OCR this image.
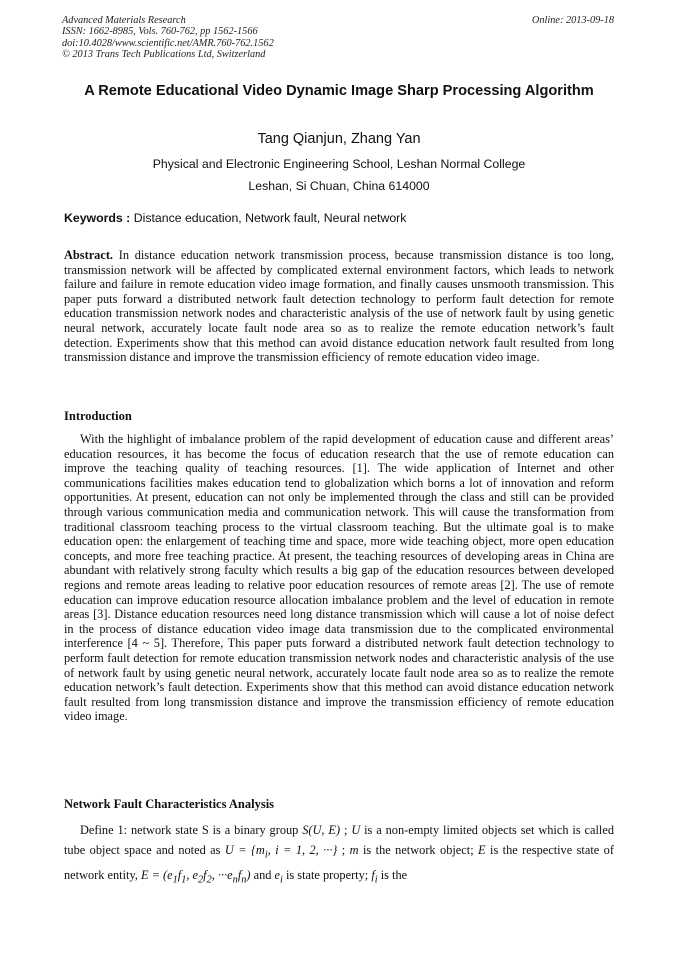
Advanced Materials Research
ISSN: 1662-8985, Vols. 760-762, pp 1562-1566
doi:10.4028/www.scientific.net/AMR.760-762.1562
© 2013 Trans Tech Publications Ltd, Switzerland
Online: 2013-09-18
A Remote Educational Video Dynamic Image Sharp Processing Algorithm
Tang Qianjun, Zhang Yan
Physical and Electronic Engineering School, Leshan Normal College
Leshan, Si Chuan, China 614000
Keywords : Distance education, Network fault, Neural network
Abstract. In distance education network transmission process, because transmission distance is too long, transmission network will be affected by complicated external environment factors, which leads to network failure and failure in remote education video image formation, and finally causes unsmooth transmission. This paper puts forward a distributed network fault detection technology to perform fault detection for remote education transmission network nodes and characteristic analysis of the use of network fault by using genetic neural network, accurately locate fault node area so as to realize the remote education network’s fault detection. Experiments show that this method can avoid distance education network fault resulted from long transmission distance and improve the transmission efficiency of remote education video image.
Introduction
With the highlight of imbalance problem of the rapid development of education cause and different areas’ education resources, it has become the focus of education research that the use of remote education can improve the teaching quality of teaching resources. [1]. The wide application of Internet and other communications facilities makes education tend to globalization which borns a lot of innovation and reform opportunities. At present, education can not only be implemented through the class and still can be provided through various communication media and communication network. This will cause the transformation from traditional classroom teaching process to the virtual classroom teaching. But the ultimate goal is to make education open: the enlargement of teaching time and space, more wide teaching object, more open education concepts, and more free teaching practice. At present, the teaching resources of developing areas in China are abundant with relatively strong faculty which results a big gap of the education resources between developed regions and remote areas leading to relative poor education resources of remote areas [2]. The use of remote education can improve education resource allocation imbalance problem and the level of education in remote areas [3]. Distance education resources need long distance transmission which will cause a lot of noise defect in the process of distance education video image data transmission due to the complicated environmental interference [4 ~ 5]. Therefore, This paper puts forward a distributed network fault detection technology to perform fault detection for remote education transmission network nodes and characteristic analysis of the use of network fault by using genetic neural network, accurately locate fault node area so as to realize the remote education network’s fault detection. Experiments show that this method can avoid distance education network fault resulted from long transmission distance and improve the transmission efficiency of remote education video image.
Network Fault Characteristics Analysis
Define 1: network state S is a binary group S(U, E) ; U is a non-empty limited objects set which is called tube object space and noted as $U = \{m_i$, i = 1, 2, ···} ; m is the network object; E is the respective state of network entity, $E = (e_1f_1$, $e_2f_2$, $\cdot\cdot\cdot e_nf_n$) and $e_i$ is state property; $f_i$ is the
